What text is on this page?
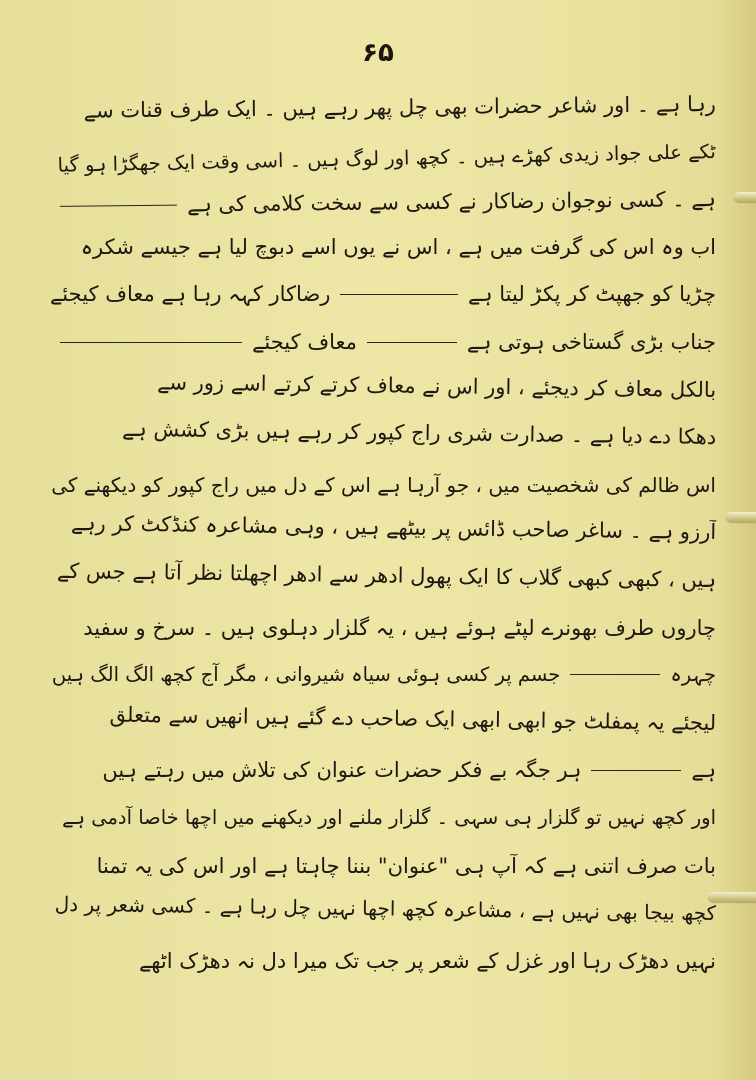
۶۵
رہا ہے ۔ اور شاعر حضرات بھی چل پھر رہے ہیں ۔ ایک طرف قنات سے
ٹکے علی جواد زیدی کھڑے ہیں ۔ کچھ اور لوگ ہیں ۔ اسی وقت ایک جھگڑا ہو گیا
ہے ۔ کسی نوجوان رضاکار نے کسی سے سخت کلامی کی ہے
اب وہ اس کی گرفت میں ہے ، اس نے یوں اسے دبوچ لیا ہے جیسے شکرہ
چڑیا کو جھپٹ کر پکڑ لیتا ہے
رضاکار کہہ رہا ہے معاف کیجئے
جناب بڑی گستاخی ہوتی ہے
معاف کیجئے
بالکل معاف کر دیجئے ، اور اس نے معاف کرتے کرتے اسے زور سے
دھکا دے دیا ہے ۔ صدارت شری راج کپور کر رہے ہیں بڑی کشش ہے
اس ظالم کی شخصیت میں ، جو آرہا ہے اس کے دل میں راج کپور کو دیکھنے کی
آرزو ہے ۔ ساغر صاحب ڈائس پر بیٹھے ہیں ، وہی مشاعرہ کنڈکٹ کر رہے
ہیں ، کبھی کبھی گلاب کا ایک پھول ادھر سے ادھر اچھلتا نظر آتا ہے جس کے
چاروں طرف بھونرے لپٹے ہوئے ہیں ، یہ گلزار دہلوی ہیں ۔ سرخ و سفید
چہرہ
جسم پر کسی ہوئی سیاہ شیروانی ، مگر آج کچھ الگ الگ ہیں
لیجئے یہ پمفلٹ جو ابھی ابھی ایک صاحب دے گئے ہیں انھیں سے متعلق
ہے
ہر جگہ بے فکر حضرات عنوان کی تلاش میں رہتے ہیں
اور کچھ نہیں تو گلزار ہی سہی ۔ گلزار ملنے اور دیکھنے میں اچھا خاصا آدمی ہے
بات صرف اتنی ہے کہ آپ ہی "عنوان" بننا چاہتا ہے اور اس کی یہ تمنا
کچھ بیجا بھی نہیں ہے ، مشاعرہ کچھ اچھا نہیں چل رہا ہے ۔ کسی شعر پر دل
نہیں دھڑک رہا اور غزل کے شعر پر جب تک میرا دل نہ دھڑک اٹھے
